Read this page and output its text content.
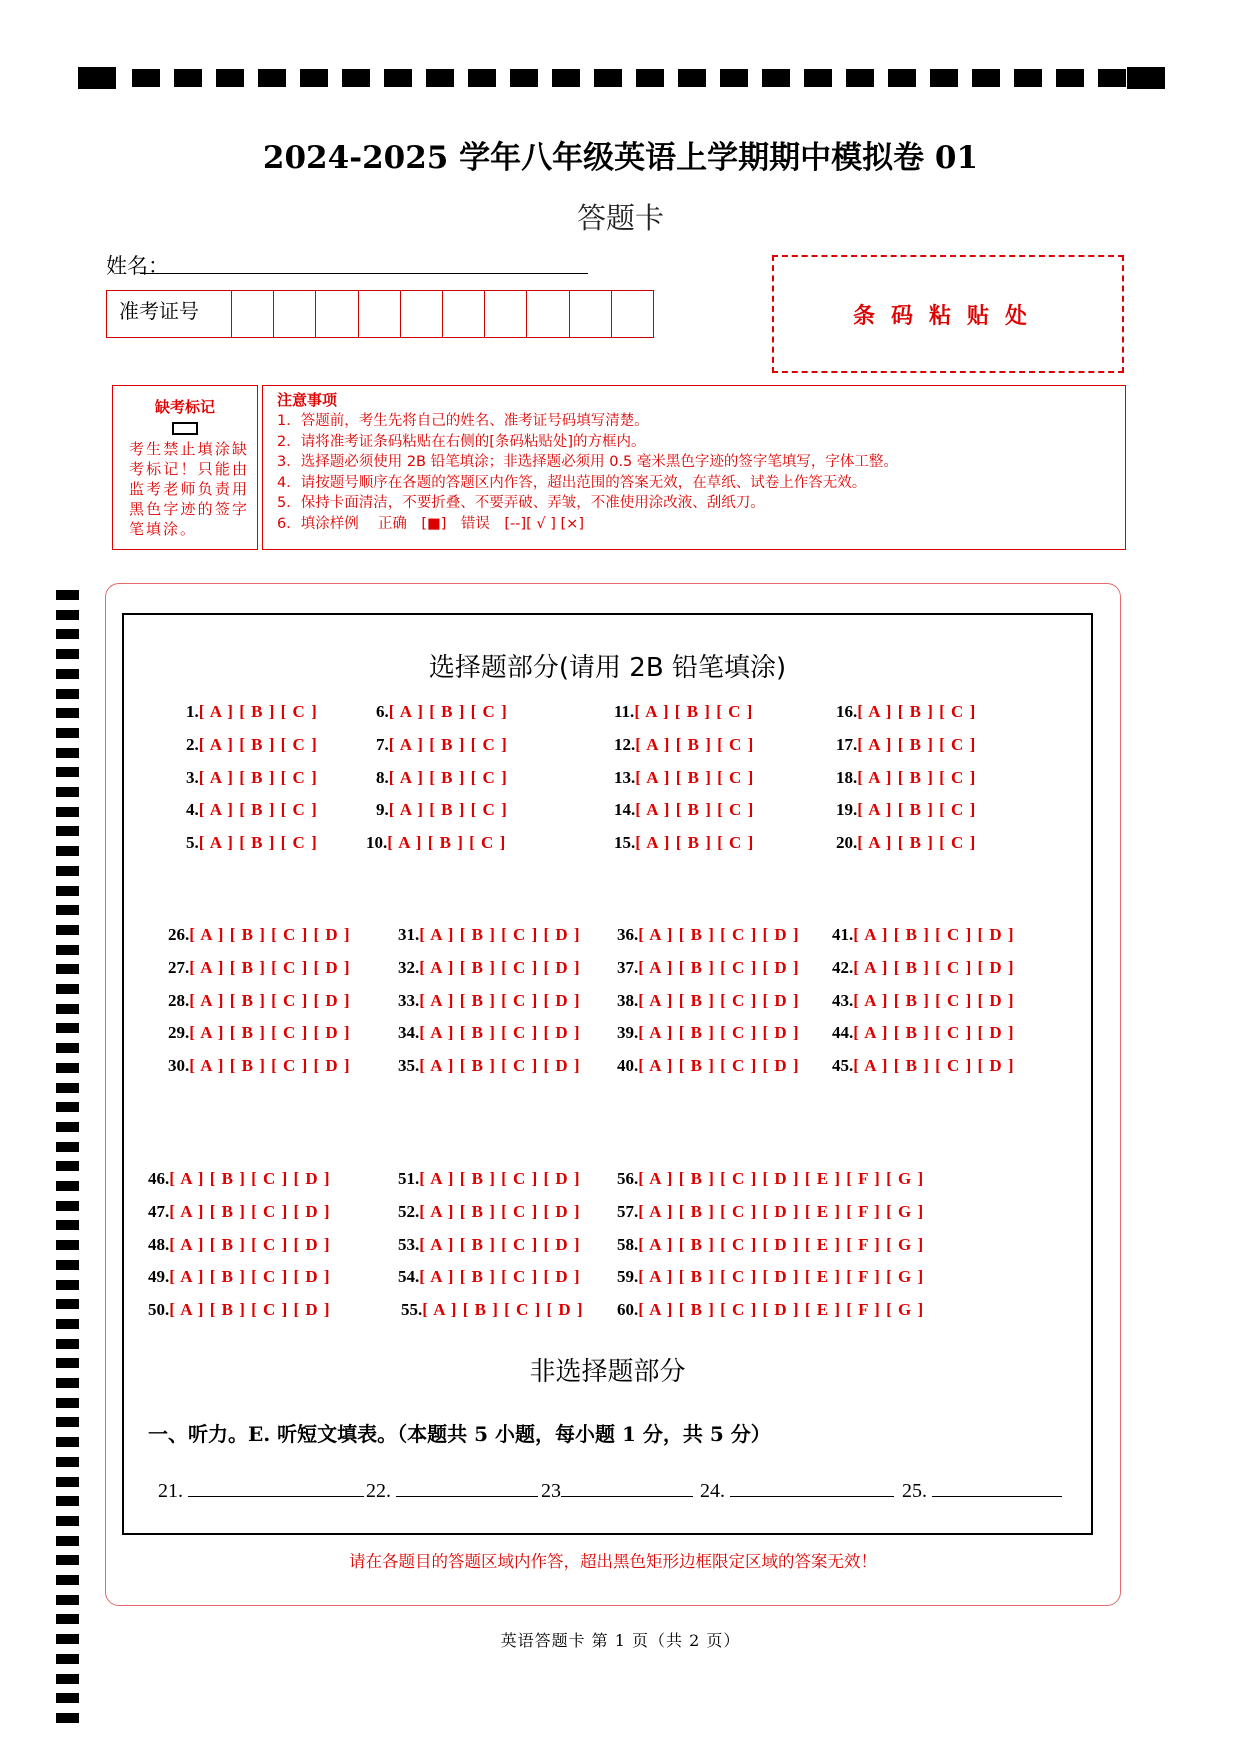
2024-2025 学年八年级英语上学期期中模拟卷 01
答题卡
姓名：
准考证号	条码粘贴处
缺考标记
考生禁止填涂缺考标记！只能由监考老师负责用黑色字迹的签字笔填涂。
注意事项
1．答题前，考生先将自己的姓名、准考证号码填写清楚。
2．请将准考证条码粘贴在右侧的[条码粘贴处]的方框内。
3．选择题必须使用 2B 铅笔填涂；非选择题必须用 0.5 毫米黑色字迹的签字笔填写，字体工整。
4．请按题号顺序在各题的答题区内作答，超出范围的答案无效，在草纸、试卷上作答无效。
5．保持卡面清洁，不要折叠、不要弄破、弄皱，不准使用涂改液、刮纸刀。
6．填涂样例　 正确　[■]　错误　[--][ √ ] [×]
选择题部分(请用 2B 铅笔填涂)
1.[ A ] [ B ] [ C ]
2.[ A ] [ B ] [ C ]
3.[ A ] [ B ] [ C ]
4.[ A ] [ B ] [ C ]
5.[ A ] [ B ] [ C ]
6.[ A ] [ B ] [ C ]
7.[ A ] [ B ] [ C ]
8.[ A ] [ B ] [ C ]
9.[ A ] [ B ] [ C ]
10.[ A ] [ B ] [ C ]
11.[ A ] [ B ] [ C ]
12.[ A ] [ B ] [ C ]
13.[ A ] [ B ] [ C ]
14.[ A ] [ B ] [ C ]
15.[ A ] [ B ] [ C ]
16.[ A ] [ B ] [ C ]
17.[ A ] [ B ] [ C ]
18.[ A ] [ B ] [ C ]
19.[ A ] [ B ] [ C ]
20.[ A ] [ B ] [ C ]
26.[ A ] [ B ] [ C ] [ D ]
27.[ A ] [ B ] [ C ] [ D ]
28.[ A ] [ B ] [ C ] [ D ]
29.[ A ] [ B ] [ C ] [ D ]
30.[ A ] [ B ] [ C ] [ D ]
31.[ A ] [ B ] [ C ] [ D ]
32.[ A ] [ B ] [ C ] [ D ]
33.[ A ] [ B ] [ C ] [ D ]
34.[ A ] [ B ] [ C ] [ D ]
35.[ A ] [ B ] [ C ] [ D ]
36.[ A ] [ B ] [ C ] [ D ]
37.[ A ] [ B ] [ C ] [ D ]
38.[ A ] [ B ] [ C ] [ D ]
39.[ A ] [ B ] [ C ] [ D ]
40.[ A ] [ B ] [ C ] [ D ]
41.[ A ] [ B ] [ C ] [ D ]
42.[ A ] [ B ] [ C ] [ D ]
43.[ A ] [ B ] [ C ] [ D ]
44.[ A ] [ B ] [ C ] [ D ]
45.[ A ] [ B ] [ C ] [ D ]
46.[ A ] [ B ] [ C ] [ D ]
47.[ A ] [ B ] [ C ] [ D ]
48.[ A ] [ B ] [ C ] [ D ]
49.[ A ] [ B ] [ C ] [ D ]
50.[ A ] [ B ] [ C ] [ D ]
51.[ A ] [ B ] [ C ] [ D ]
52.[ A ] [ B ] [ C ] [ D ]
53.[ A ] [ B ] [ C ] [ D ]
54.[ A ] [ B ] [ C ] [ D ]
55.[ A ] [ B ] [ C ] [ D ]
56.[ A ] [ B ] [ C ] [ D ] [ E ] [ F ] [ G ]
57.[ A ] [ B ] [ C ] [ D ] [ E ] [ F ] [ G ]
58.[ A ] [ B ] [ C ] [ D ] [ E ] [ F ] [ G ]
59.[ A ] [ B ] [ C ] [ D ] [ E ] [ F ] [ G ]
60.[ A ] [ B ] [ C ] [ D ] [ E ] [ F ] [ G ]
非选择题部分
一、听力。E. 听短文填表。（本题共 5 小题，每小题 1 分，共 5 分）
21.	22.	23	24.	25.
请在各题目的答题区域内作答，超出黑色矩形边框限定区域的答案无效！
英语答题卡 第 1 页（共 2 页）
